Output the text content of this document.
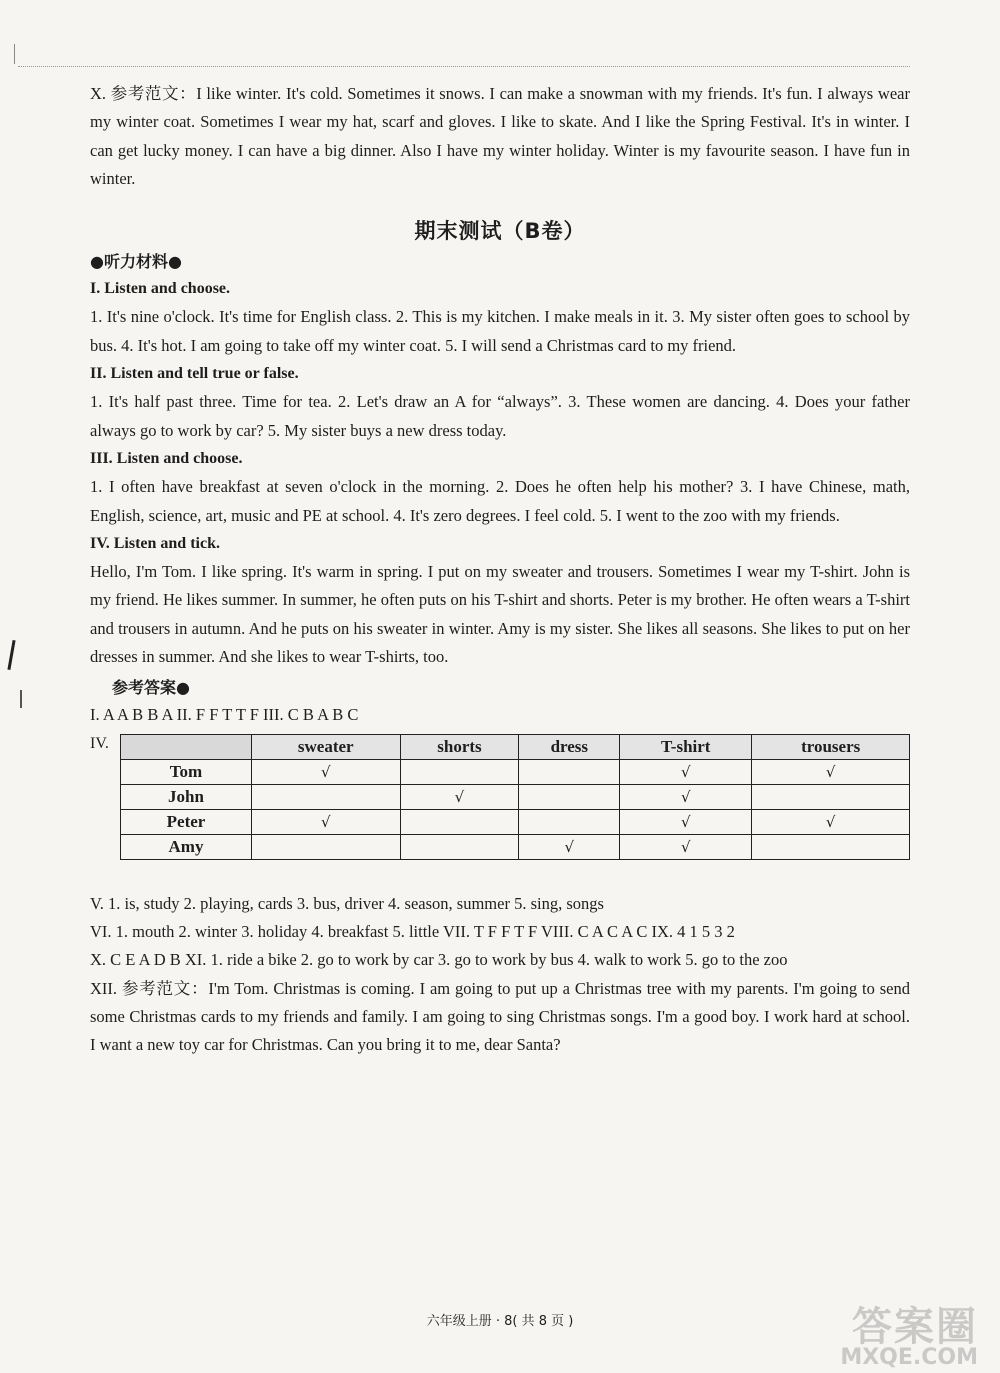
X. 参考范文：I like winter. It's cold. Sometimes it snows. I can make a snowman with my friends. It's fun. I always wear my winter coat. Sometimes I wear my hat, scarf and gloves. I like to skate. And I like the Spring Festival. It's in winter. I can get lucky money. I can have a big dinner. Also I have my winter holiday. Winter is my favourite season. I have fun in winter.

期末测试（B卷）
●听力材料●
I. Listen and choose.

1. It's nine o'clock. It's time for English class. 2. This is my kitchen. I make meals in it. 3. My sister often goes to school by bus. 4. It's hot. I am going to take off my winter coat. 5. I will send a Christmas card to my friend.

II. Listen and tell true or false.

1. It's half past three. Time for tea. 2. Let's draw an A for “always”. 3. These women are dancing. 4. Does your father always go to work by car? 5. My sister buys a new dress today.

III. Listen and choose.

1. I often have breakfast at seven o'clock in the morning. 2. Does he often help his mother? 3. I have Chinese, math, English, science, art, music and PE at school. 4. It's zero degrees. I feel cold. 5. I went to the zoo with my friends.

IV. Listen and tick.

Hello, I'm Tom. I like spring. It's warm in spring. I put on my sweater and trousers. Sometimes I wear my T-shirt. John is my friend. He likes summer. In summer, he often puts on his T-shirt and shorts. Peter is my brother. He often wears a T-shirt and trousers in autumn. And he puts on his sweater in winter. Amy is my sister. She likes all seasons. She likes to put on her dresses in summer. And she likes to wear T-shirts, too.

参考答案●

I. A A B B A II. F F T T F III. C B A B C

IV.
		sweater	shorts	dress	T-shirt	trousers
Tom	√			√	√
John		√		√	
Peter	√			√	√
Amy			√	√	

V. 1. is, study 2. playing, cards 3. bus, driver 4. season, summer 5. sing, songs

VI. 1. mouth 2. winter 3. holiday 4. breakfast 5. little VII. T F F T F VIII. C A C A C IX. 4 1 5 3 2

X. C E A D B XI. 1. ride a bike 2. go to work by car 3. go to work by bus 4. walk to work 5. go to the zoo

XII. 参考范文：I'm Tom. Christmas is coming. I am going to put up a Christmas tree with my parents. I'm going to send some Christmas cards to my friends and family. I am going to sing Christmas songs. I'm a good boy. I work hard at school. I want a new toy car for Christmas. Can you bring it to me, dear Santa?

六年级上册 · 8( 共 8 页 )	答案圈
MXQE.COM
